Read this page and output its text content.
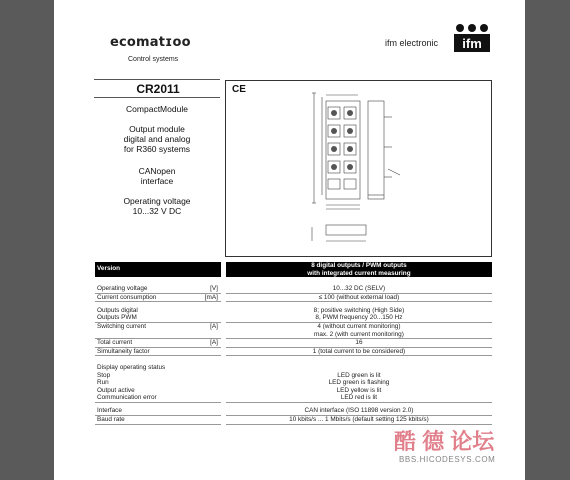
ecomatɪoo
Control systems
ifm electronic ifm
CR2011
CompactModule
Output module
digital and analog
for R360 systems
CANopen
interface
Operating voltage
10...32 V DC
CE
Version			8 digital outputs / PWM outputs
with integrated current measuring

Operating voltage	[V]		10...32 DC (SELV)
Current consumption	[mA]		≤ 100 (without external load)

Outputs digital			8; positive switching (High Side)
Outputs PWM			8, PWM frequency 20...150 Hz
Switching current	[A]		4 (without current monitoring)
max. 2 (with current monitoring)

Total current	[A]		16
Simultaneity factor			1 (total current to be considered)

Display operating status			
Stop			LED green is lit
Run			LED green is flashing
Output active			LED yellow is lit
Communication error			LED red is lit

Interface			CAN interface (ISO 11898 version 2.0)
Baud rate			10 kbits/s ... 1 Mbits/s (default setting 125 kbits/s)
酷 德 论坛
BBS.HICODESYS.COM
